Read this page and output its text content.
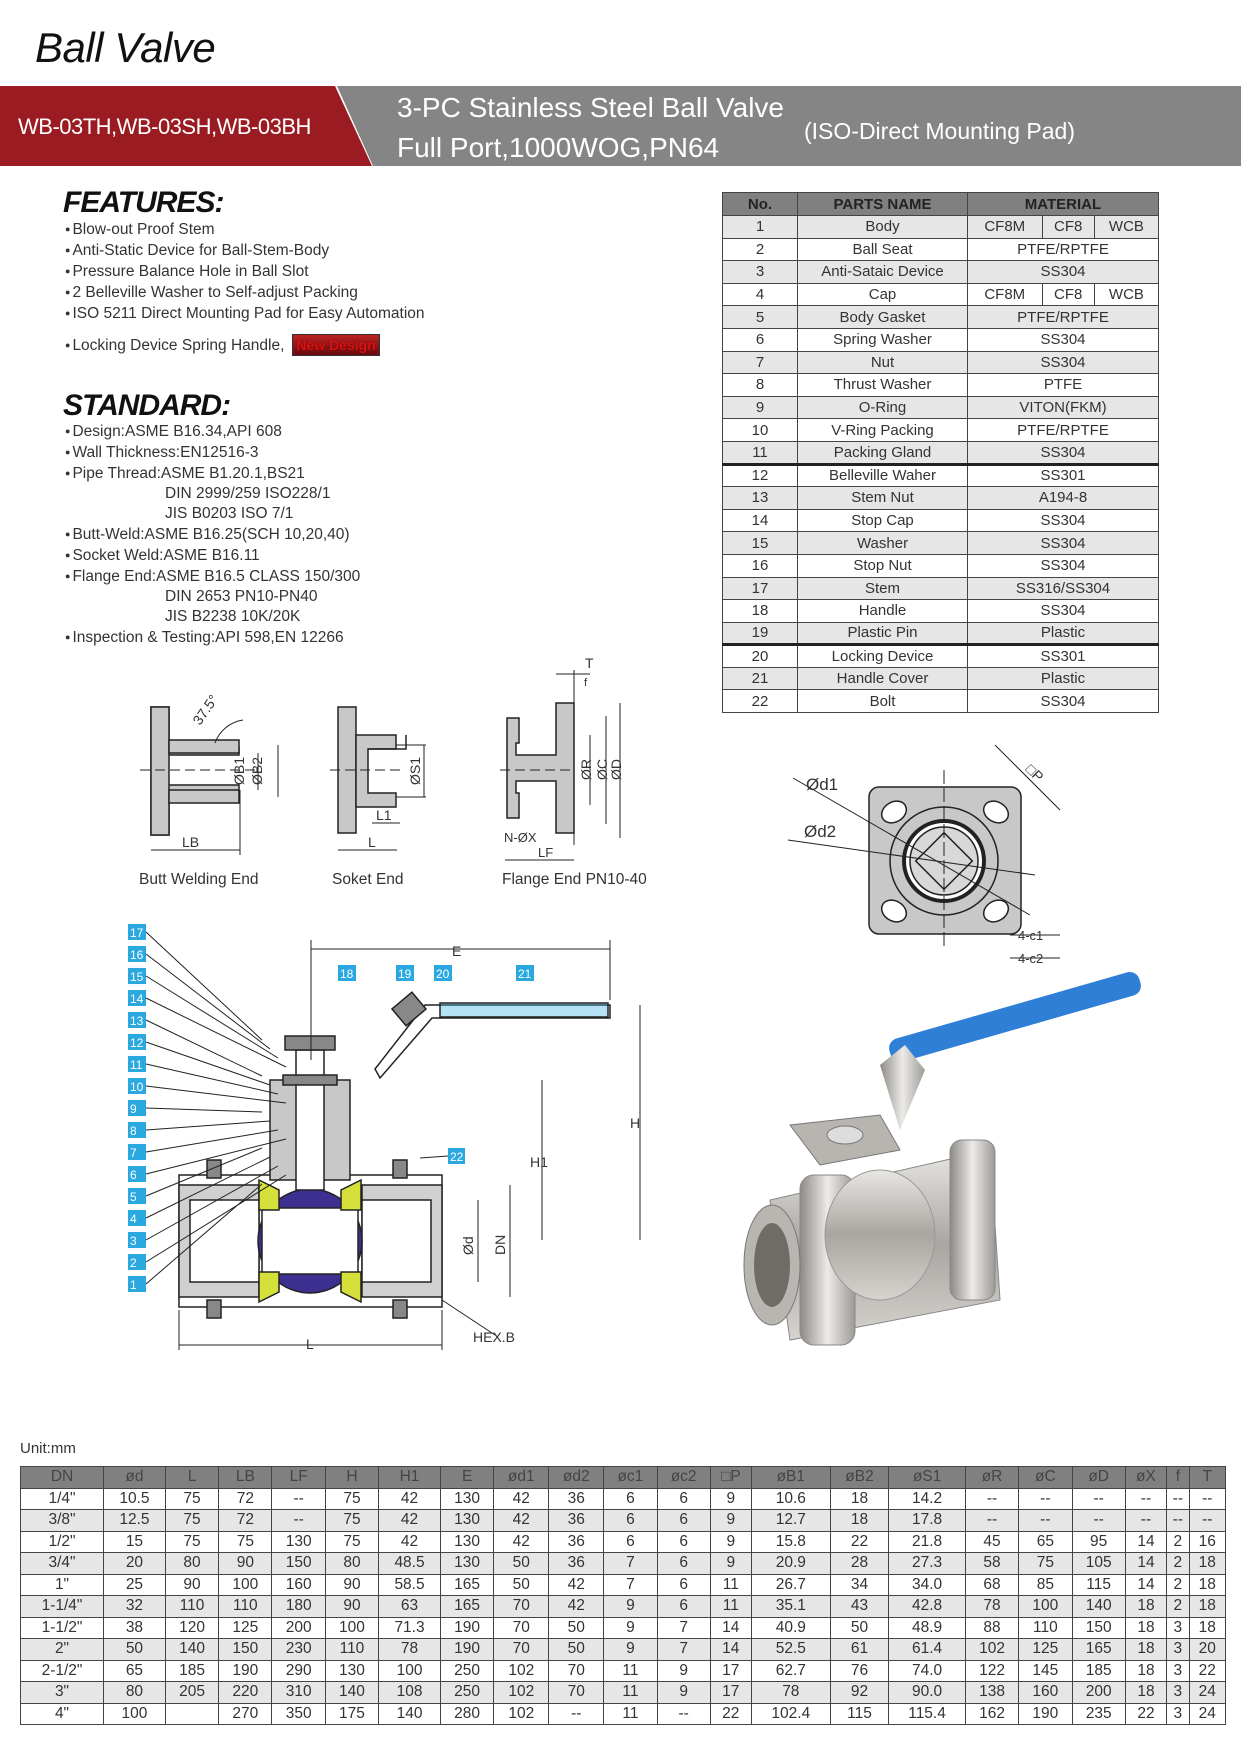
Ball Valve
WB-03TH,WB-03SH,WB-03BH
3-PC Stainless Steel Ball Valve
Full Port,1000WOG,PN64
(ISO-Direct Mounting Pad)
FEATURES:
● Blow-out Proof Stem
● Anti-Static Device for Ball-Stem-Body
● Pressure Balance Hole in Ball Slot
● 2 Belleville Washer to Self-adjust Packing
● ISO 5211 Direct Mounting Pad for Easy Automation
● Locking Device Spring Handle, New Design
STANDARD:
● Design:ASME B16.34,API 608
● Wall Thickness:EN12516-3
● Pipe Thread:ASME B1.20.1,BS21
DIN 2999/259 ISO228/1
JIS B0203 ISO 7/1
● Butt-Weld:ASME B16.25(SCH 10,20,40)
● Socket Weld:ASME B16.11
● Flange End:ASME B16.5 CLASS 150/300
DIN 2653 PN10-PN40
JIS B2238 10K/20K
● Inspection & Testing:API 598,EN 12266
No.	PARTS NAME	MATERIAL		
1	Body	CF8M	CF8	WCB
2	Ball Seat	PTFE/RPTFE		
3	Anti-Sataic Device	SS304		
4	Cap	CF8M	CF8	WCB
5	Body Gasket	PTFE/RPTFE		
6	Spring Washer	SS304		
7	Nut	SS304		
8	Thrust Washer	PTFE		
9	O-Ring	VITON(FKM)		
10	V-Ring Packing	PTFE/RPTFE		
11	Packing Gland	SS304		
12	Belleville Waher	SS301		
13	Stem Nut	A194-8		
14	Stop Cap	SS304		
15	Washer	SS304		
16	Stop Nut	SS304		
17	Stem	SS316/SS304		
18	Handle	SS304		
19	Plastic Pin	Plastic		
20	Locking Device	SS301		
21	Handle Cover	Plastic		
22	Bolt	SS304		
37.5°
ØB1 ØB2
LB
Butt Welding End
ØS1
L1
L
Soket End
T
f
ØR ØC
ØD
N-ØX
LF
Flange End PN10-40
Ød1
Ød2
□P
4-c1
4-c2
17
16
15
14
13
12
11
10
9
8
7
6
5
4
3
2
1
18	19 20	21
22
E
H
H1
Ød DN
L	HEX.B
Unit:mm
DN	ød	L	LB	LF	H	H1	E	ød1	ød2	øc1	øc2	□P	øB1	øB2	øS1	øR	øC	øD	øX	f	T
1/4"	10.5	75	72	--	75	42	130	42	36	6	6	9	10.6	18	14.2	--	--	--	--	--	--
3/8"	12.5	75	72	--	75	42	130	42	36	6	6	9	12.7	18	17.8	--	--	--	--	--	--
1/2"	15	75	75	130	75	42	130	42	36	6	6	9	15.8	22	21.8	45	65	95	14	2	16
3/4"	20	80	90	150	80	48.5	130	50	36	7	6	9	20.9	28	27.3	58	75	105	14	2	18
1"	25	90	100	160	90	58.5	165	50	42	7	6	11	26.7	34	34.0	68	85	115	14	2	18
1-1/4"	32	110	110	180	90	63	165	70	42	9	6	11	35.1	43	42.8	78	100	140	18	2	18
1-1/2"	38	120	125	200	100	71.3	190	70	50	9	7	14	40.9	50	48.9	88	110	150	18	3	18
2"	50	140	150	230	110	78	190	70	50	9	7	14	52.5	61	61.4	102	125	165	18	3	20
2-1/2"	65	185	190	290	130	100	250	102	70	11	9	17	62.7	76	74.0	122	145	185	18	3	22
3"	80	205	220	310	140	108	250	102	70	11	9	17	78	92	90.0	138	160	200	18	3	24
4"	100		270	350	175	140	280	102	--	11	--	22	102.4	115	115.4	162	190	235	22	3	24
